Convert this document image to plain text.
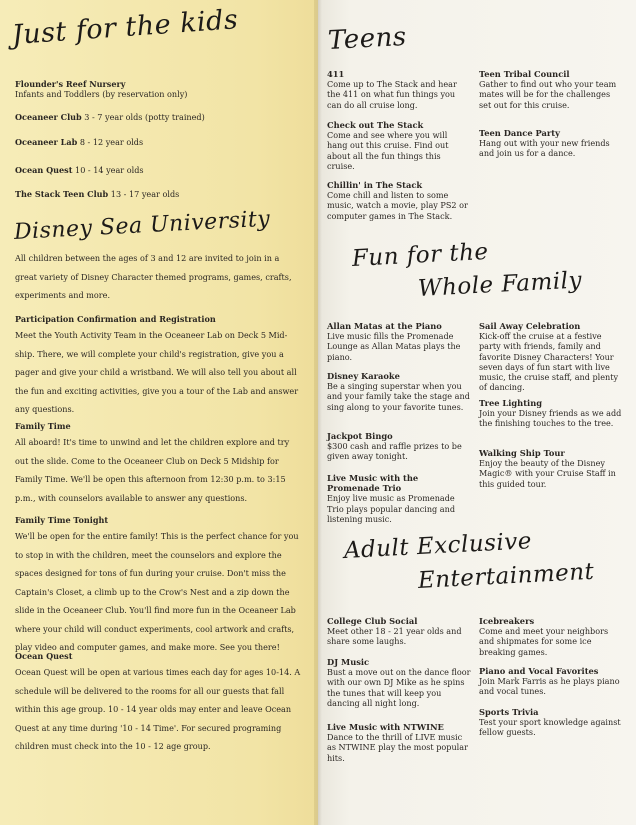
Just for the kids
Flounder's Reef Nursery
Infants and Toddlers (by reservation only)
Oceaneer Club 3 - 7 year olds (potty trained)
Oceaneer Lab 8 - 12 year olds
Ocean Quest 10 - 14 year olds
The Stack Teen Club 13 - 17 year olds
Disney Sea University
All children between the ages of 3 and 12 are invited to join in a great variety of Disney Character themed programs, games, crafts, experiments and more.
Participation Confirmation and Registration
Meet the Youth Activity Team in the Oceaneer Lab on Deck 5 Mid-ship. There, we will complete your child's registration, give you a pager and give your child a wristband. We will also tell you about all the fun and exciting activities, give you a tour of the Lab and answer any questions.
Family Time
All aboard! It's time to unwind and let the children explore and try out the slide. Come to the Oceaneer Club on Deck 5 Midship for Family Time. We'll be open this afternoon from 12:30 p.m. to 3:15 p.m., with counselors available to answer any questions.
Family Time Tonight
We'll be open for the entire family! This is the perfect chance for you to stop in with the children, meet the counselors and explore the spaces designed for tons of fun during your cruise. Don't miss the Captain's Closet, a climb up to the Crow's Nest and a zip down the slide in the Oceaneer Club. You'll find more fun in the Oceaneer Lab where your child will conduct experiments, cool artwork and crafts, play video and computer games, and make more. See you there!
Ocean Quest
Ocean Quest will be open at various times each day for ages 10-14. A schedule will be delivered to the rooms for all our guests that fall within this age group. 10 - 14 year olds may enter and leave Ocean Quest at any time during '10 - 14 Time'. For secured programing children must check into the 10 - 12 age group.
Teens
411
Come up to The Stack and hear the 411 on what fun things you can do all cruise long.
Check out The Stack
Come and see where you will hang out this cruise. Find out about all the fun things this cruise.
Chillin' in The Stack
Come chill and listen to some music, watch a movie, play PS2 or computer games in The Stack.
Teen Tribal Council
Gather to find out who your team mates will be for the challenges set out for this cruise.
Teen Dance Party
Hang out with your new friends and join us for a dance.
Fun for the
Whole Family
Allan Matas at the Piano
Live music fills the Promenade Lounge as Allan Matas plays the piano.
Disney Karaoke
Be a singing superstar when you and your family take the stage and sing along to your favorite tunes.
Jackpot Bingo
$300 cash and raffle prizes to be given away tonight.
Live Music with the Promenade Trio
Enjoy live music as Promenade Trio plays popular dancing and listening music.
Sail Away Celebration
Kick-off the cruise at a festive party with friends, family and favorite Disney Characters! Your seven days of fun start with live music, the cruise staff, and plenty of dancing.
Tree Lighting
Join your Disney friends as we add the finishing touches to the tree.
Walking Ship Tour
Enjoy the beauty of the Disney Magic® with your Cruise Staff in this guided tour.
Adult Exclusive
Entertainment
College Club Social
Meet other 18 - 21 year olds and share some laughs.
DJ Music
Bust a move out on the dance floor with our own DJ Mike as he spins the tunes that will keep you dancing all night long.
Live Music with NTWINE
Dance to the thrill of LIVE music as NTWINE play the most popular hits.
Icebreakers
Come and meet your neighbors and shipmates for some ice breaking games.
Piano and Vocal Favorites
Join Mark Farris as he plays piano and vocal tunes.
Sports Trivia
Test your sport knowledge against fellow guests.
